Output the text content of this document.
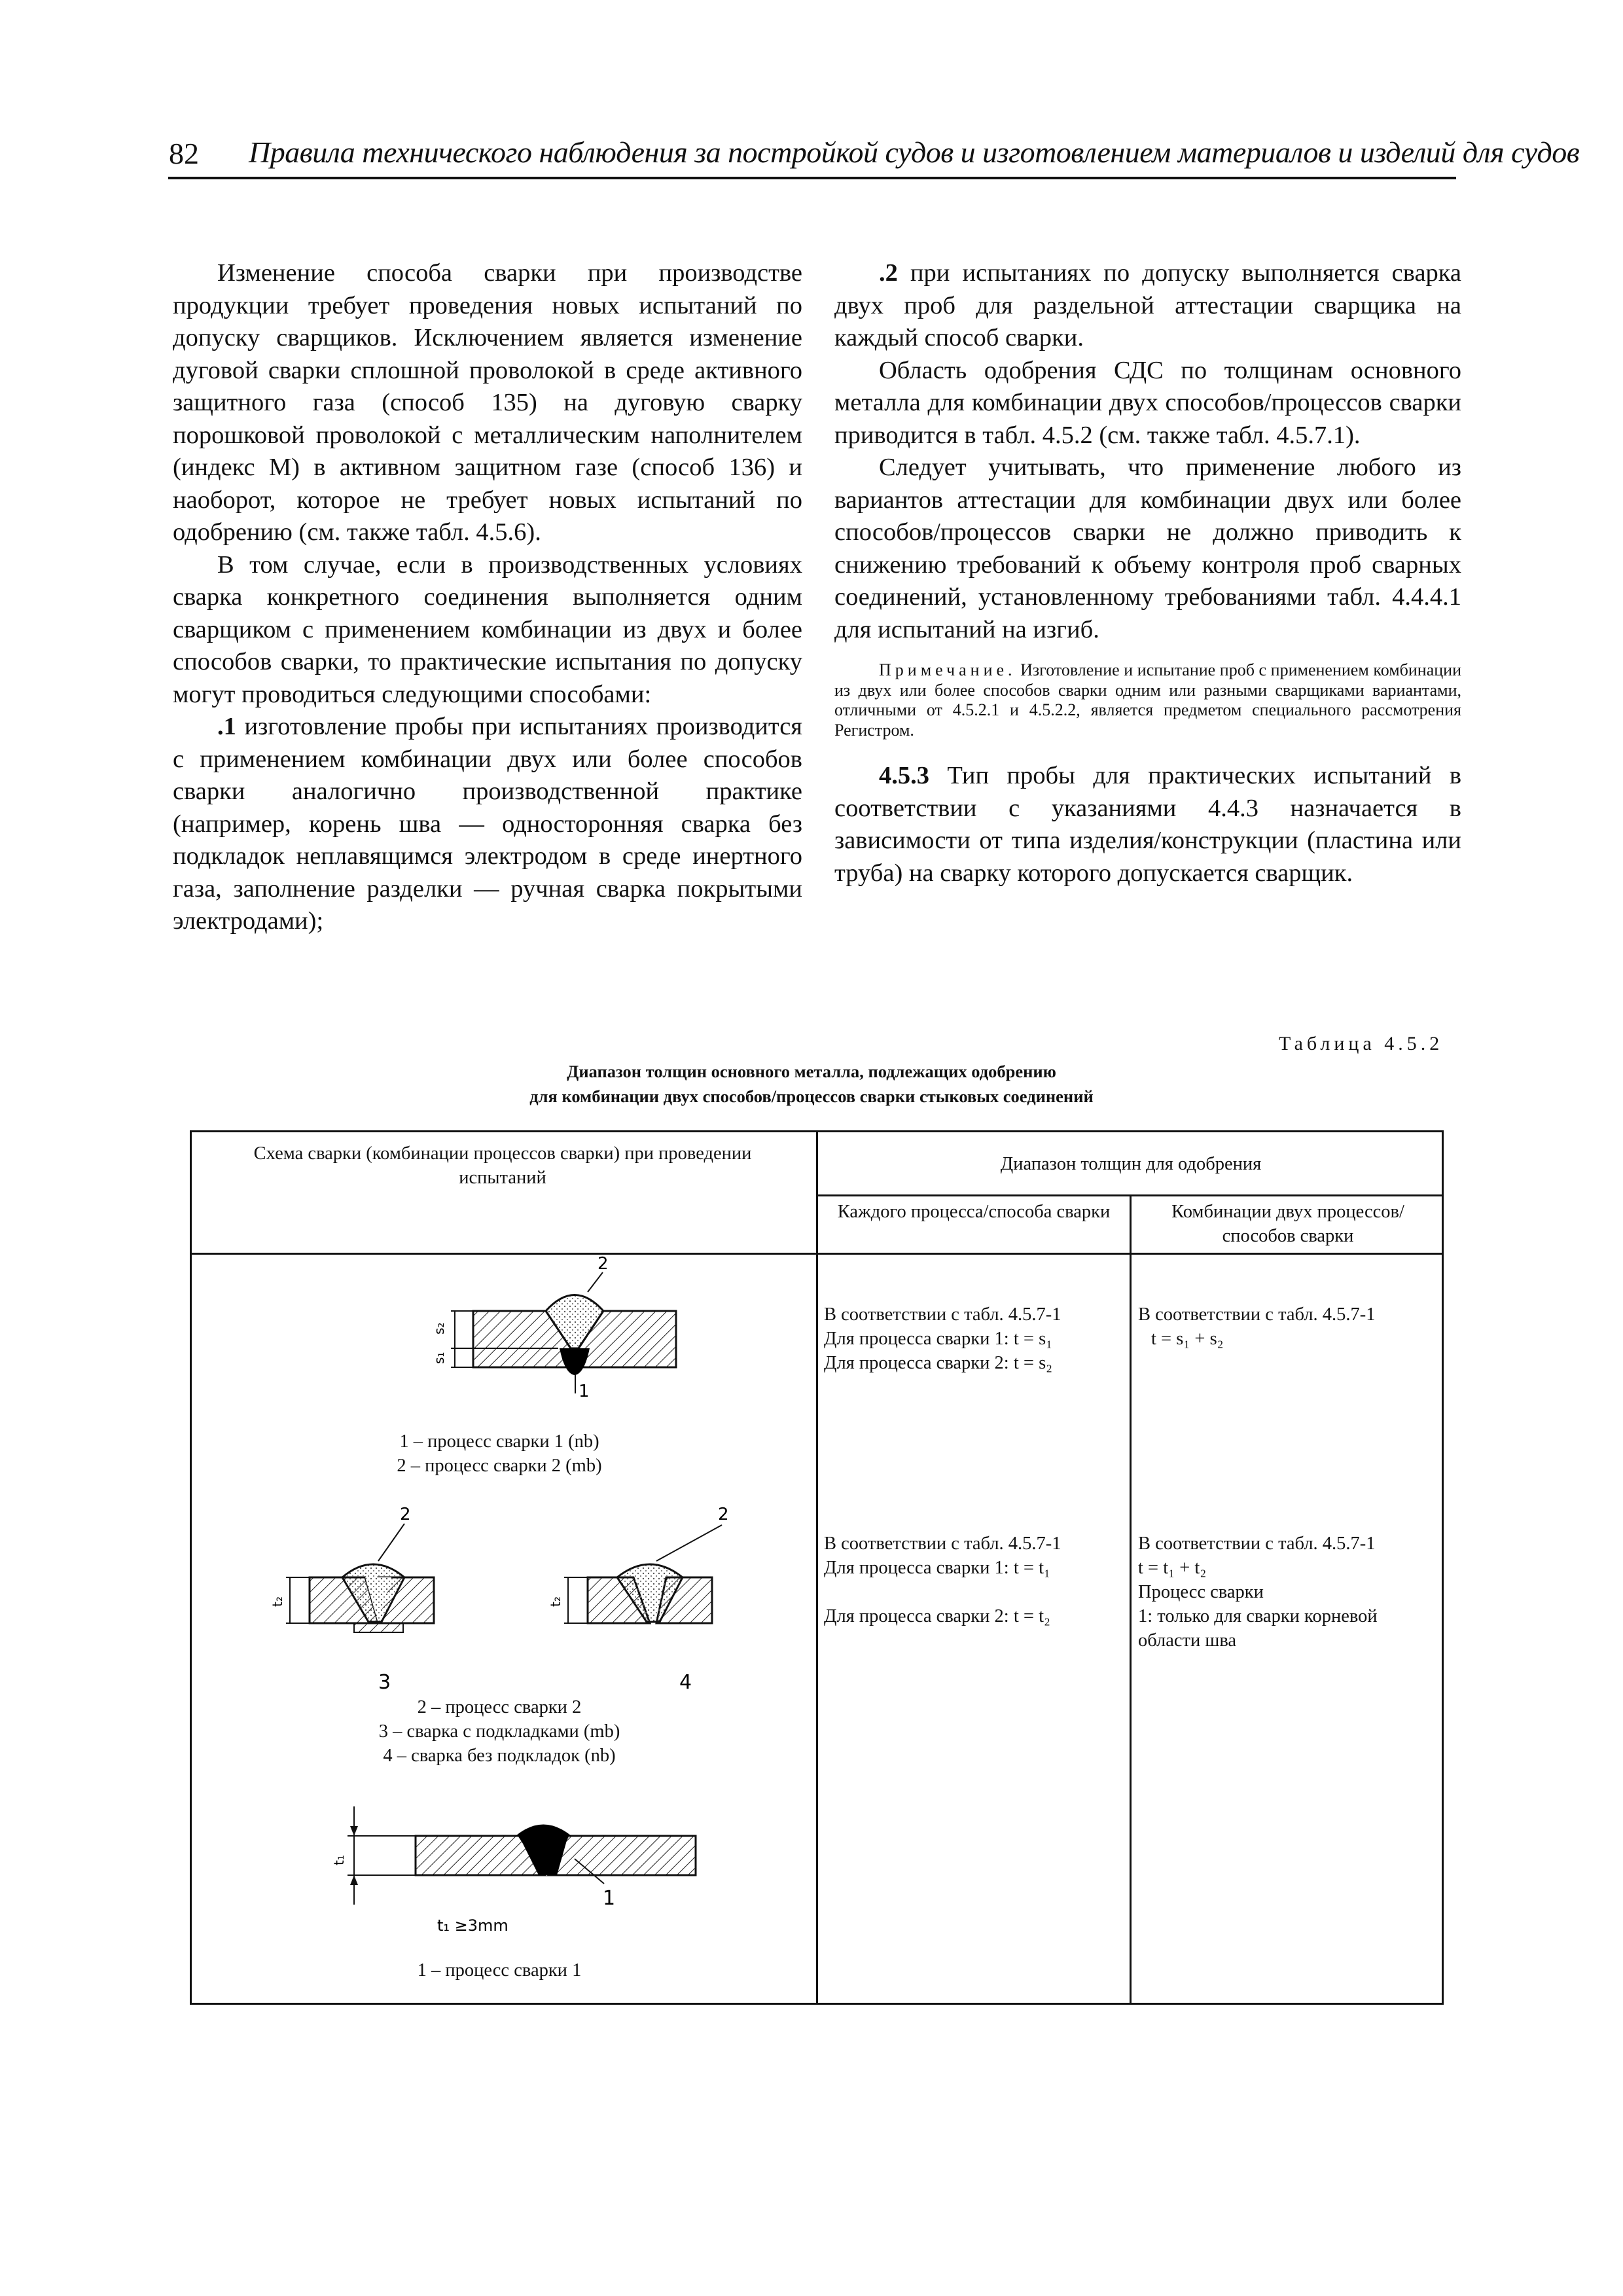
82 Правила технического наблюдения за постройкой судов и изготовлением материалов и изделий для судов

Изменение способа сварки при производстве продукции требует проведения новых испытаний по допуску сварщиков. Исключением является изменение дуговой сварки сплошной проволокой в среде активного защитного газа (способ 135) на дуговую сварку порошковой проволокой с металлическим наполнителем (индекс М) в активном защитном газе (способ 136) и наоборот, которое не требует новых испытаний по одобрению (см. также табл. 4.5.6).

В том случае, если в производственных условиях сварка конкретного соединения выполняется одним сварщиком с применением комбинации из двух и более способов сварки, то практические испытания по допуску могут проводиться следующими способами:

.1 изготовление пробы при испытаниях производится с применением комбинации двух или более способов сварки аналогично производственной практике (например, корень шва — односторонняя сварка без подкладок неплавящимся электродом в среде инертного газа, заполнение разделки — ручная сварка покрытыми электродами);

.2 при испытаниях по допуску выполняется сварка двух проб для раздельной аттестации сварщика на каждый способ сварки.

Область одобрения СДС по толщинам основного металла для комбинации двух способов/процессов сварки приводится в табл. 4.5.2 (см. также табл. 4.5.7.1).

Следует учитывать, что применение любого из вариантов аттестации для комбинации двух или более способов/процессов сварки не должно приводить к снижению требований к объему контроля проб сварных соединений, установленному требованиями табл. 4.4.4.1 для испытаний на изгиб.

Примечание. Изготовление и испытание проб с применением комбинации из двух или более способов сварки одним или разными сварщиками вариантами, отличными от 4.5.2.1 и 4.5.2.2, является предметом специального рассмотрения Регистром.

4.5.3 Тип пробы для практических испытаний в соответствии с указаниями 4.4.3 назначается в зависимости от типа изделия/конструкции (пластина или труба) на сварку которого допускается сварщик.

Таблица 4.5.2
Диапазон толщин основного металла, подлежащих одобрению
для комбинации двух способов/процессов сварки стыковых соединений
Схема сварки (комбинации процессов сварки) при проведении испытаний
Диапазон толщин для одобрения
Каждого процесса/способа сварки	Комбинации двух процессов/способов сварки
s₂
s₁
2
1
1 – процесс сварки 1 (nb)
2 – процесс сварки 2 (mb)
В соответствии с табл. 4.5.7-1
Для процесса сварки 1: t = s₁
Для процесса сварки 2: t = s₂
В соответствии с табл. 4.5.7-1
t = s₁ + s₂
t₂
2
3
t₂
2
4
2 – процесс сварки 2
3 – сварка с подкладками (mb)
4 – сварка без подкладок (nb)
В соответствии с табл. 4.5.7-1
Для процесса сварки 1: t = t₁
Для процесса сварки 2: t = t₂
В соответствии с табл. 4.5.7-1
t = t₁ + t₂
Процесс сварки
1: только для сварки корневой области шва
t₁
1
t₁ ≥3mm
1 – процесс сварки 1
